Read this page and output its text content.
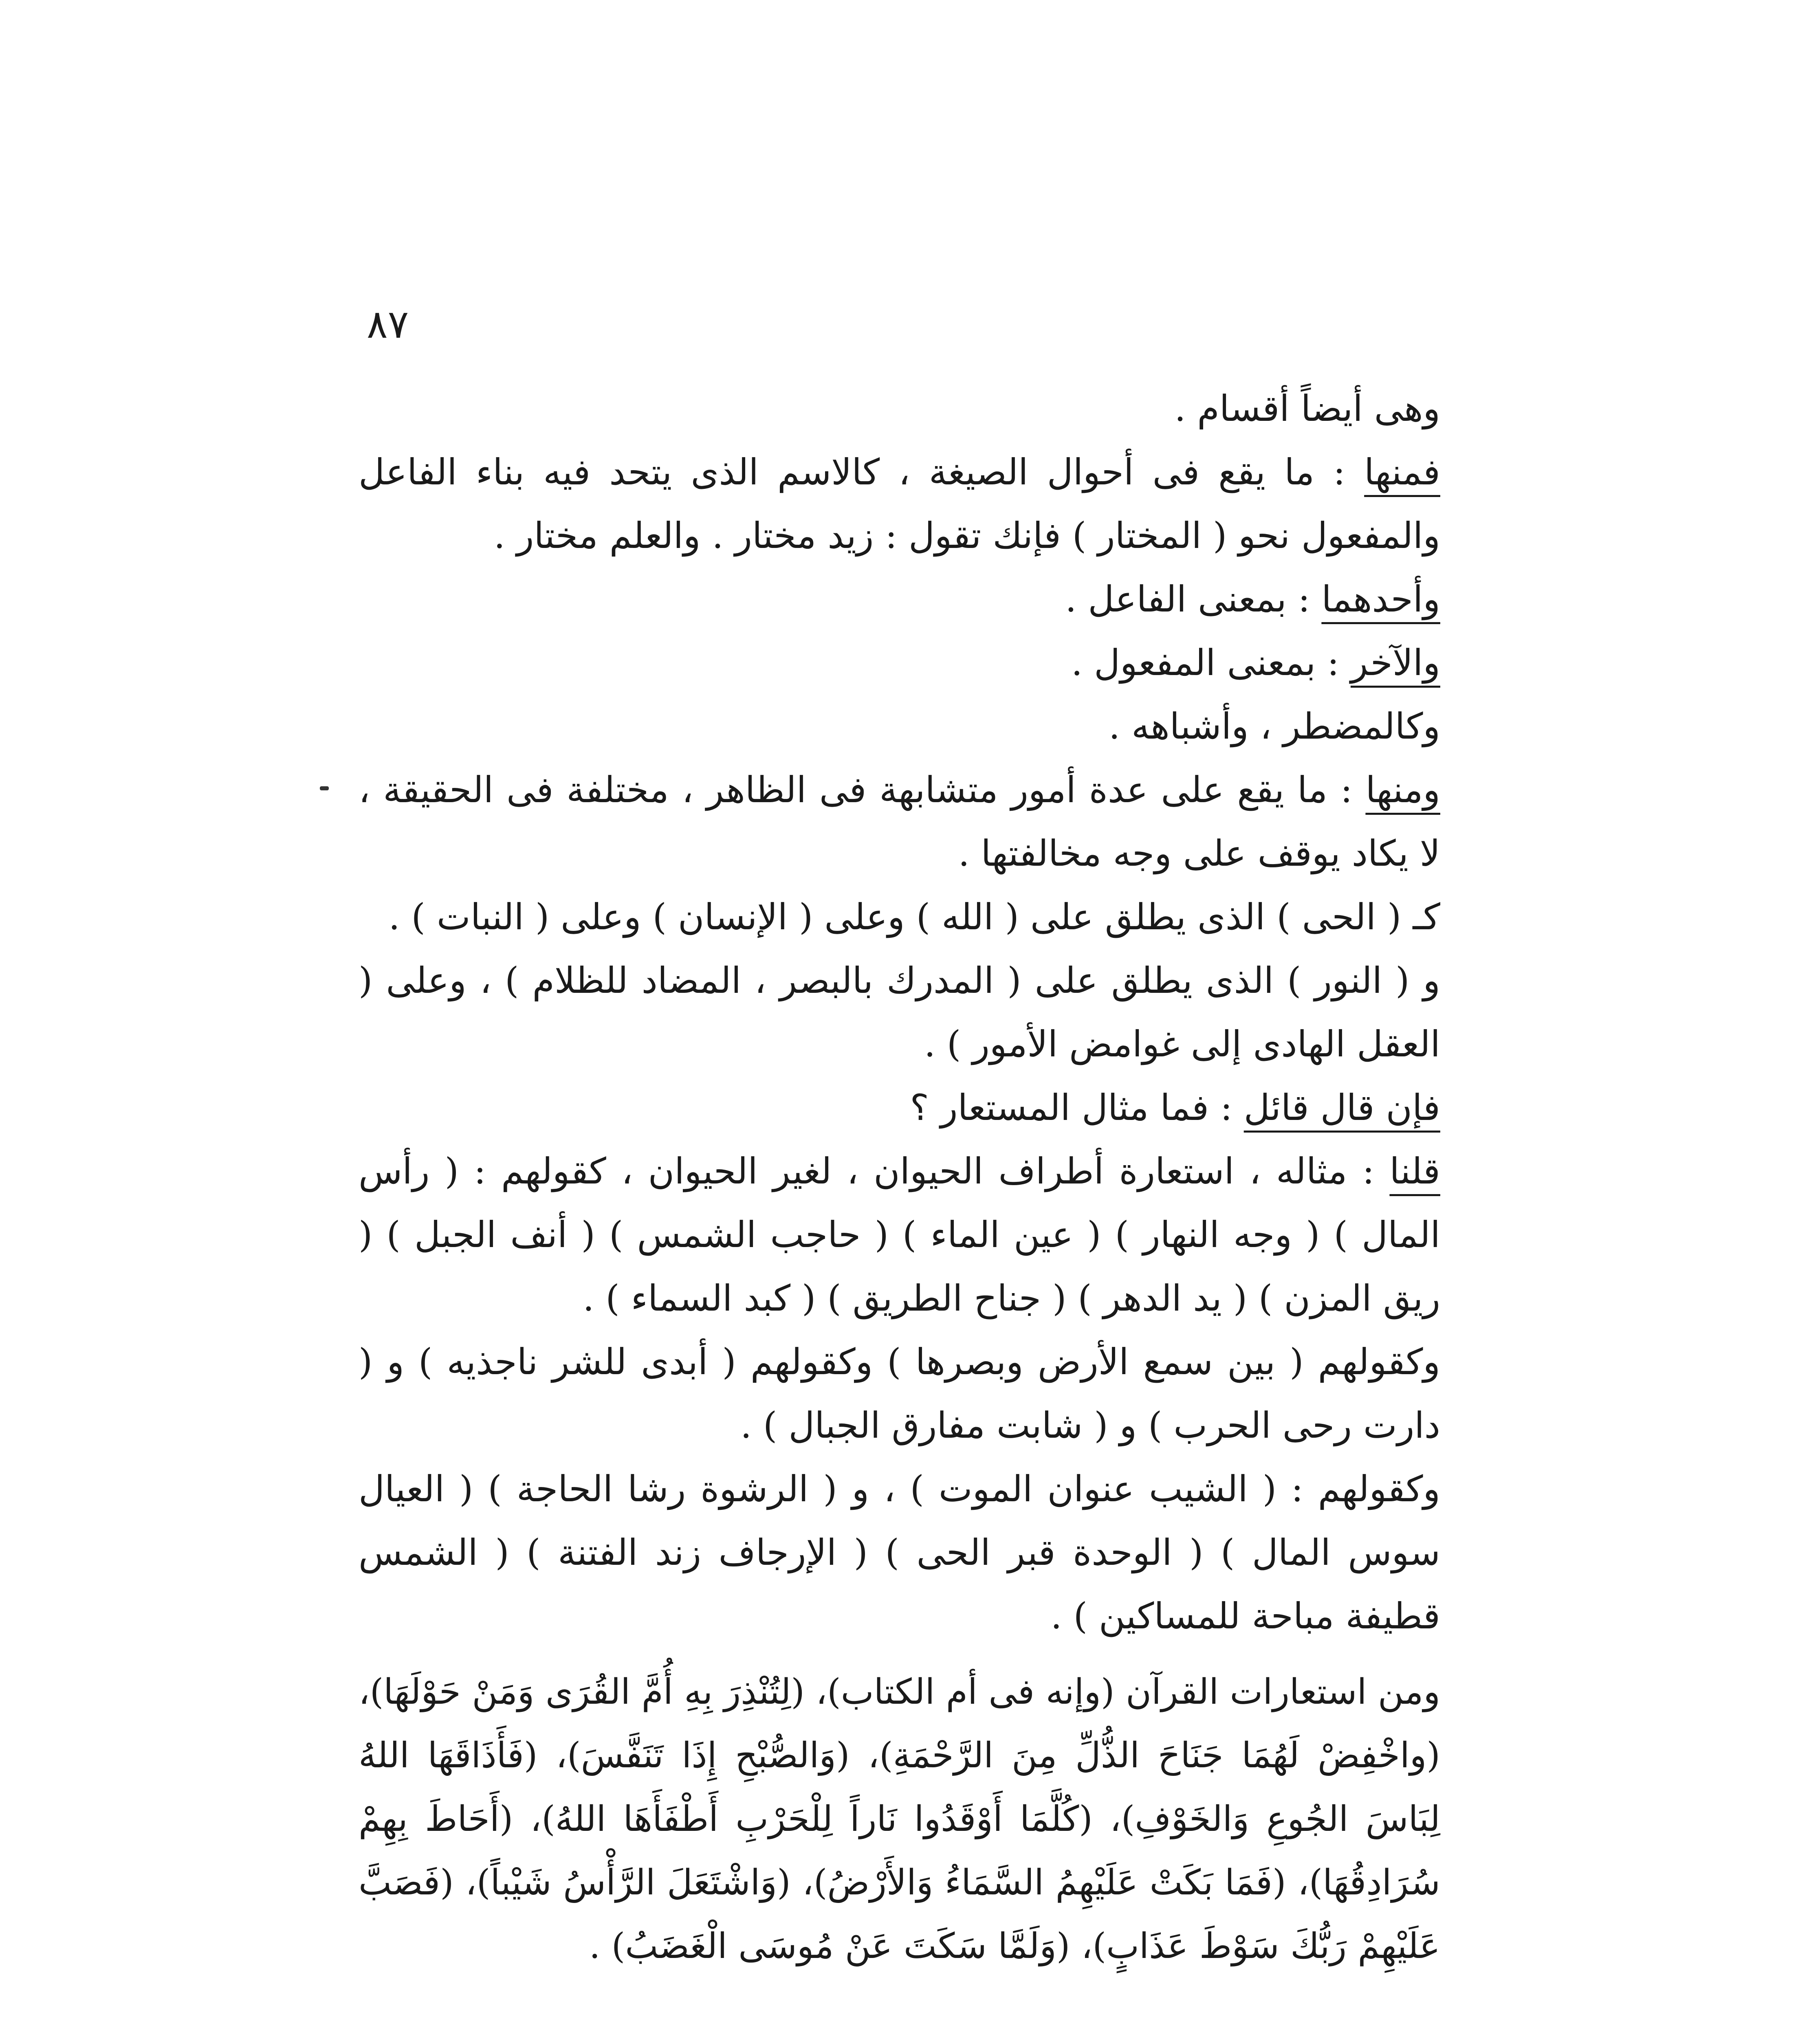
٨٧

وهى أيضاً أقسام .

فمنها : ما يقع فى أحوال الصيغة ، كالاسم الذى يتحد فيه بناء الفاعل والمفعول نحو ( المختار ) فإنك تقول : زيد مختار . والعلم مختار .

وأحدهما : بمعنى الفاعل .

والآخر : بمعنى المفعول .

وكالمضطر ، وأشباهه .

ومنها : ما يقع على عدة أمور متشابهة فى الظاهر ، مختلفة فى الحقيقة ، لا يكاد يوقف على وجه مخالفتها .

كـ ( الحى ) الذى يطلق على ( الله ) وعلى ( الإنسان ) وعلى ( النبات ) .

و ( النور ) الذى يطلق على ( المدرك بالبصر ، المضاد للظلام ) ، وعلى ( العقل الهادى إلى غوامض الأمور ) .

فإن قال قائل : فما مثال المستعار ؟

قلنا : مثاله ، استعارة أطراف الحيوان ، لغير الحيوان ، كقولهم : ( رأس المال ) ( وجه النهار ) ( عين الماء ) ( حاجب الشمس ) ( أنف الجبل ) ( ريق المزن ) ( يد الدهر ) ( جناح الطريق ) ( كبد السماء ) .

وكقولهم ( بين سمع الأرض وبصرها ) وكقولهم ( أبدى للشر ناجذيه ) و ( دارت رحى الحرب ) و ( شابت مفارق الجبال ) .

وكقولهم : ( الشيب عنوان الموت ) ، و ( الرشوة رشا الحاجة ) ( العيال سوس المال ) ( الوحدة قبر الحى ) ( الإرجاف زند الفتنة ) ( الشمس قطيفة مباحة للمساكين ) .

ومن استعارات القرآن (وإنه فى أم الكتاب)، (لِتُنْذِرَ بِهِ أُمَّ القُرَى وَمَنْ حَوْلَهَا)، (واخْفِضْ لَهُمَا جَنَاحَ الذُّلِّ مِنَ الرَّحْمَةِ)، (وَالصُّبْحِ إِذَا تَنَفَّسَ)، (فَأَذَاقَهَا اللهُ لِبَاسَ الجُوعِ وَالخَوْفِ)، (كُلَّمَا أَوْقَدُوا نَاراً لِلْحَرْبِ أَطْفَأَهَا اللهُ)، (أَحَاطَ بِهِمْ سُرَادِقُهَا)، (فَمَا بَكَتْ عَلَيْهِمُ السَّمَاءُ وَالأَرْضُ)، (وَاشْتَعَلَ الرَّأْسُ شَيْباً)، (فَصَبَّ عَلَيْهِمْ رَبُّكَ سَوْطَ عَذَابٍ)، (وَلَمَّا سَكَتَ عَنْ مُوسَى الْغَضَبُ) .
